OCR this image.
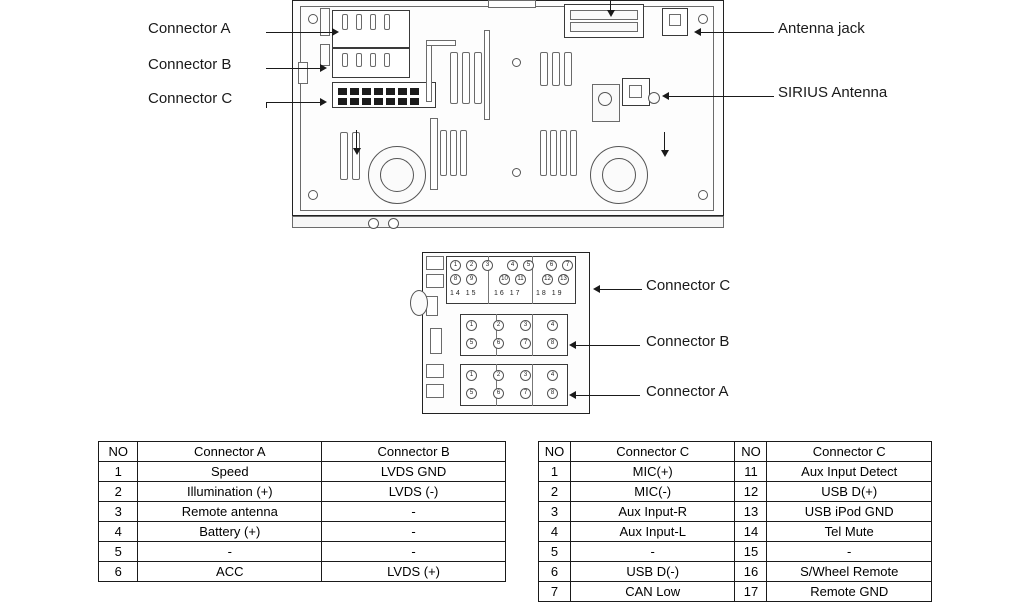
Connector A
Connector B
Connector C
Antenna jack
SIRIUS Antenna
1	2	3	4	5	6	7
8	9	10	11	12	13
14 15 16 17 18 19
1	2	3	4
5	6	7	8
1	2	3	4
5	6	7	8
Connector C
Connector B
Connector A
NO	Connector A	Connector B
1	Speed	LVDS GND
2	Illumination (+)	LVDS (-)
3	Remote antenna	-
4	Battery (+)	-
5	-	-
6	ACC	LVDS (+)
NO	Connector C	NO	Connector C
1	MIC(+)	11	Aux Input Detect
2	MIC(-)	12	USB D(+)
3	Aux Input-R	13	USB iPod GND
4	Aux Input-L	14	Tel Mute
5	-	15	-
6	USB D(-)	16	S/Wheel Remote
7	CAN Low	17	Remote GND
